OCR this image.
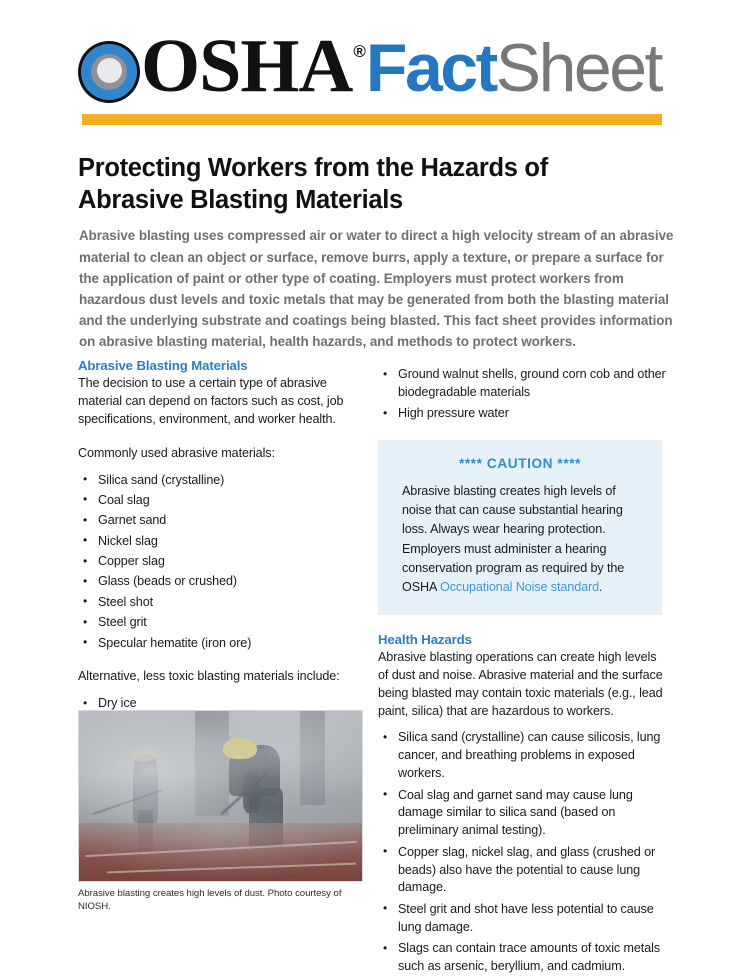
OSHA ® Fact Sheet
Protecting Workers from the Hazards of Abrasive Blasting Materials

Abrasive blasting uses compressed air or water to direct a high velocity stream of an abrasive material to clean an object or surface, remove burrs, apply a texture, or prepare a surface for the application of paint or other type of coating. Employers must protect workers from hazardous dust levels and toxic metals that may be generated from both the blasting material and the underlying substrate and coatings being blasted. This fact sheet provides information on abrasive blasting material, health hazards, and methods to protect workers.

Abrasive Blasting Materials

The decision to use a certain type of abrasive material can depend on factors such as cost, job specifications, environment, and worker health.

Commonly used abrasive materials:

• Silica sand (crystalline)
• Coal slag
• Garnet sand
• Nickel slag
• Copper slag
• Glass (beads or crushed)
• Steel shot
• Steel grit
• Specular hematite (iron ore)

Alternative, less toxic blasting materials include:

• Dry ice
•
•
•
• Ground walnut shells, ground corn cob and other biodegradable materials
• High pressure water
**** CAUTION ****

Abrasive blasting creates high levels of noise that can cause substantial hearing loss. Always wear hearing protection. Employers must administer a hearing conservation program as required by the OSHA Occupational Noise standard.

Health Hazards

Abrasive blasting operations can create high levels of dust and noise. Abrasive material and the surface being blasted may contain toxic materials (e.g., lead paint, silica) that are hazardous to workers.

• Silica sand (crystalline) can cause silicosis, lung cancer, and breathing problems in exposed workers.
• Coal slag and garnet sand may cause lung damage similar to silica sand (based on preliminary animal testing).
• Copper slag, nickel slag, and glass (crushed or beads) also have the potential to cause lung damage.
• Steel grit and shot have less potential to cause lung damage.
• Slags can contain trace amounts of toxic metals such as arsenic, beryllium, and cadmium.
Abrasive blasting creates high levels of dust. Photo courtesy of NIOSH.
